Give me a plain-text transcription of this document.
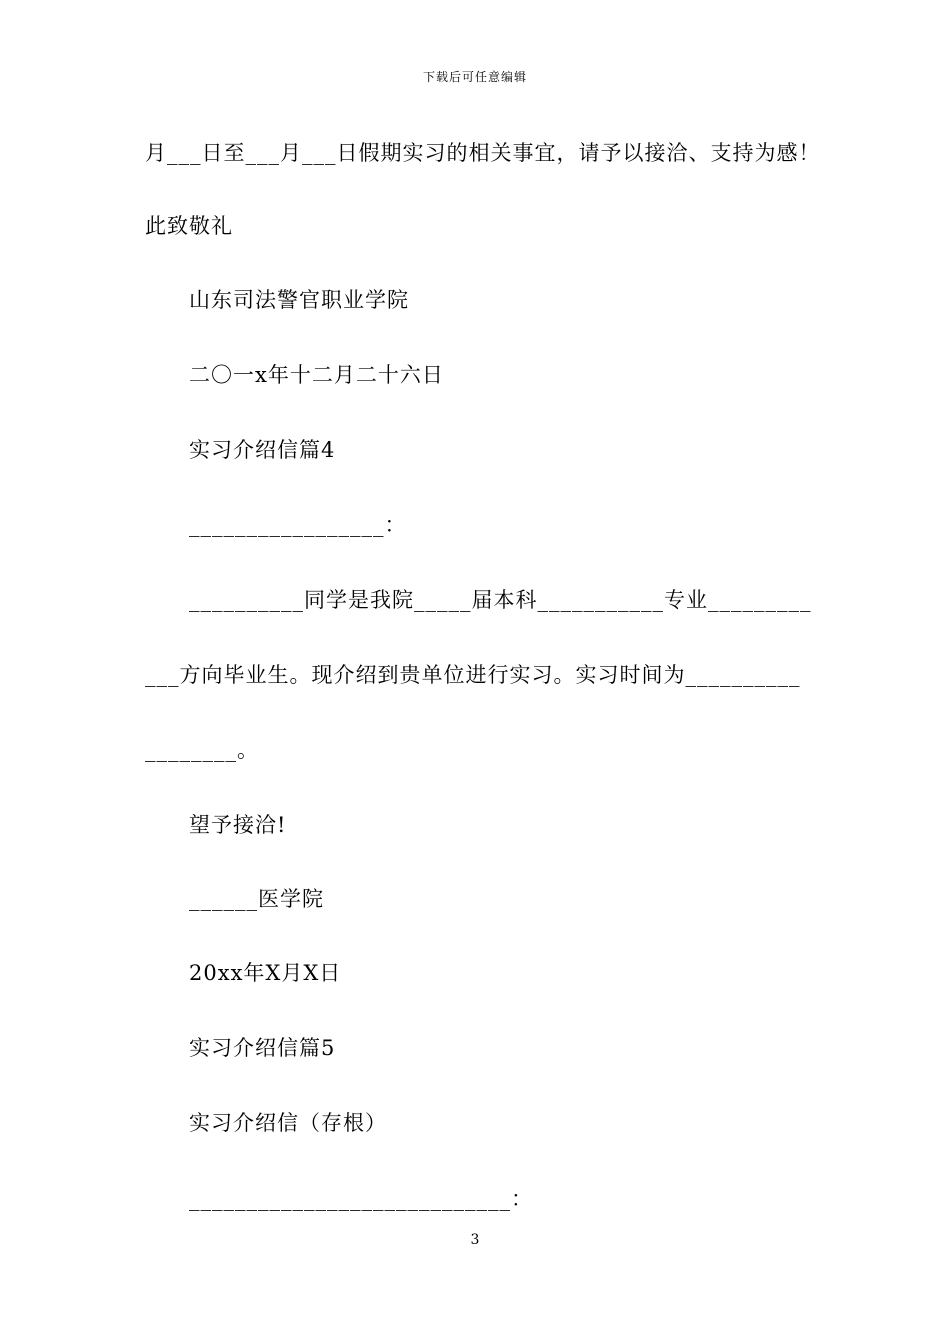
下载后可任意编辑
月___日至___月___日假期实习的相关事宜，请予以接洽、支持为感！
此致敬礼
山东司法警官职业学院
二〇一x年十二月二十六日
实习介绍信篇4
_________________：
__________同学是我院_____届本科___________专业_________
___方向毕业生。现介绍到贵单位进行实习。实习时间为__________
________。
望予接洽!
______医学院
20xx年X月X日
实习介绍信篇5
实习介绍信（存根）
____________________________：
3
